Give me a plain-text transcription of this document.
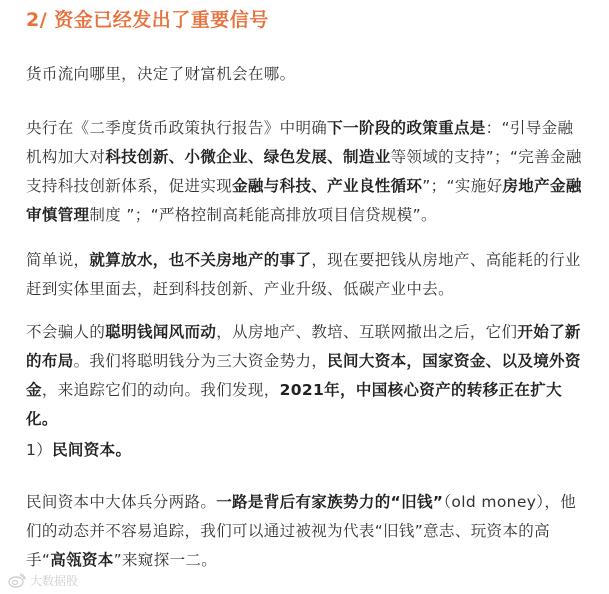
2/ 资金已经发出了重要信号

货币流向哪里，决定了财富机会在哪。

央行在《二季度货币政策执行报告》中明确下一阶段的政策重点是：“引导金融机构加大对科技创新、小微企业、绿色发展、制造业等领域的支持”；“完善金融支持科技创新体系，促进实现金融与科技、产业良性循环”；“实施好房地产金融审慎管理制度 ”；“严格控制高耗能高排放项目信贷规模”。

简单说，就算放水，也不关房地产的事了，现在要把钱从房地产、高能耗的行业赶到实体里面去，赶到科技创新、产业升级、低碳产业中去。

不会骗人的聪明钱闻风而动，从房地产、教培、互联网撤出之后，它们开始了新的布局。我们将聪明钱分为三大资金势力，民间大资本，国家资金、以及境外资金，来追踪它们的动向。我们发现，2021年，中国核心资产的转移正在扩大化。

1）民间资本。

民间资本中大体兵分两路。一路是背后有家族势力的“旧钱”（old money），他们的动态并不容易追踪，我们可以通过被视为代表“旧钱”意志、玩资本的高手“高瓴资本”来窥探一二。

大数据股
